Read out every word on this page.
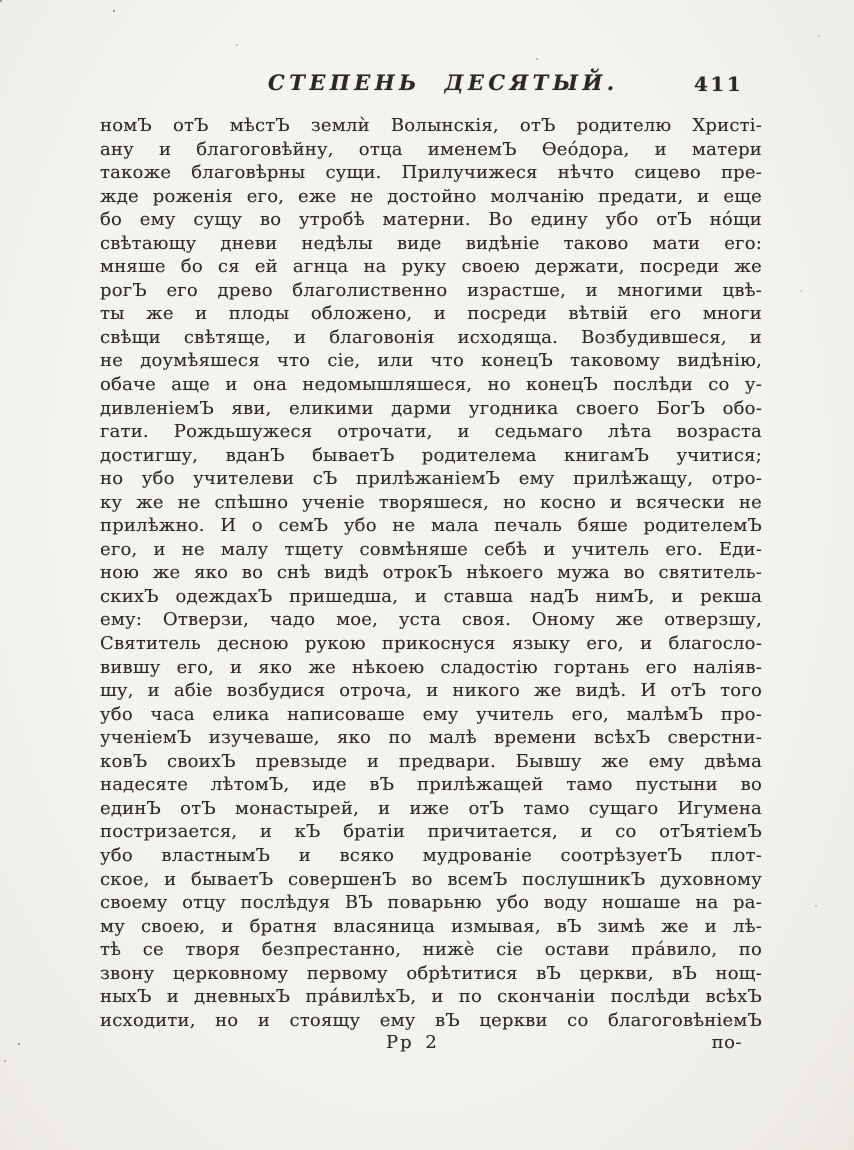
СТЕПЕНЬ ДЕСЯТЫЙ.	411
номЪ отЪ мѣстЪ землѝ Волынскія, отЪ родителю Христі-
ану и благоговѣйну, отца именемЪ Ѳео́дора, и матери
такоже благовѣрны сущи. Прилучижеся нѣчто сицево пре-
жде роженія его, еже не достойно молчанію предати, и еще
бо ему сущу во утробѣ матерни. Во едину убо отЪ но́щи
свѣтающу дневи недѣлы виде видѣніе таково мати его:
мняше бо ся ей агнца на руку своею держати, посреди же
рогЪ его древо благолиственно израстше, и многими цвѣ-
ты же и плоды обложено, и посреди вѣтвій его многи
свѣщи свѣтяще, и благовонія исходяща. Возбудившеся, и
не доумѣяшеся что сіе, или что конецЪ таковому видѣнію,
обаче аще и она недомышляшеся, но конецЪ послѣди со у-
дивленіемЪ яви, еликими дарми угодника своего БогЪ обо-
гати. Рождьшужеся отрочати, и седьмаго лѣта возраста
достигшу, вданЪ бываетЪ родителема книгамЪ учитися;
но убо учителеви сЪ прилѣжаніемЪ ему прилѣжащу, отро-
ку же не спѣшно ученіе творяшеся, но косно и всячески не
прилѣжно. И о семЪ убо не мала печаль бяше родителемЪ
его, и не малу тщету совмѣняше себѣ и учитель его. Еди-
ною же яко во снѣ видѣ отрокЪ нѣкоего мужа во святитель-
скихЪ одеждахЪ пришедша, и ставша надЪ нимЪ, и рекша
ему: Отверзи, чадо мое, уста своя. Оному же отверзшу,
Святитель десною рукою прикоснуся языку его, и благосло-
вившу его, и яко же нѣкоею сладостію гортань его наліяв-
шу, и абіе возбудися отроча, и никого же видѣ. И отЪ того
убо часа елика написоваше ему учитель его, малѣмЪ про-
ученіемЪ изучеваше, яко по малѣ времени всѣхЪ сверстни-
ковЪ своихЪ превзыде и предвари. Бывшу же ему двѣма
надесяте лѣтомЪ, иде вЪ прилѣжащей тамо пустыни во
единЪ отЪ монастырей, и иже отЪ тамо сущаго Игумена
постризается, и кЪ братіи причитается, и со отЪятіемЪ
убо властнымЪ и всяко мудрованіе соотрѣзуетЪ плот-
ское, и бываетЪ совершенЪ во всемЪ послушникЪ духовному
своему отцу послѣдуя ВЪ поварьню убо воду ношаше на ра-
му своею, и братня власяница измывая, вЪ зимѣ же и лѣ-
тѣ се творя безпрестанно, нижѐ сіе остави пра́вило, по
звону церковному первому обрѣтитися вЪ церкви, вЪ нощ-
ныхЪ и дневныхЪ пра́вилѣхЪ, и по скончаніи послѣди всѣхЪ
исходити, но и стоящу ему вЪ церкви со благоговѣніемЪ
Рр 2	по-
